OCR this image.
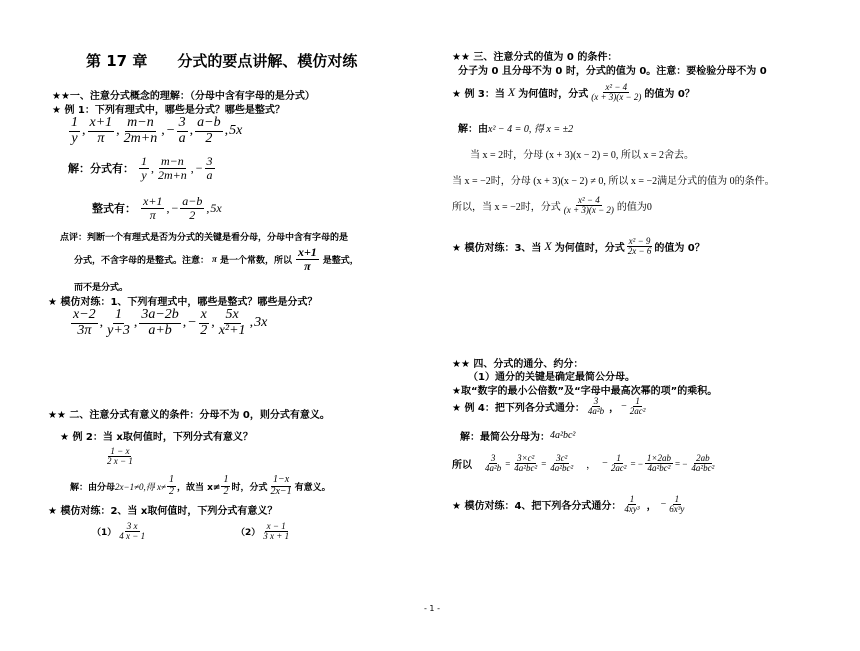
第 17 章　　分式的要点讲解、模仿对练
★★一、注意分式概念的理解：（分母中含有字母的是分式）
★ 例 1：下列有理式中，哪些是分式？哪些是整式？
$\frac{1}{y}$ , $\frac{x+1}{\pi}$ , $\frac{m-n}{2m+n}$ , − $\frac{3}{a}$ , $\frac{a-b}{2}$ , 5x
解：分式有： $\frac{1}{y}$ , $\frac{m-n}{2m+n}$ , − $\frac{3}{a}$
整式有： $\frac{x+1}{\pi}$ , − $\frac{a-b}{2}$ , 5x
点评：判断一个有理式是否为分式的关键是看分母，分母中含有字母的是
分式，不含字母的是整式。注意： π 是一个常数，所以 $\frac{x+1}{\pi}$ 是整式，
而不是分式。
★ 模仿对练：1、下列有理式中，哪些是整式？哪些是分式？
$\frac{x-2}{3\pi}$ , $\frac{1}{y+3}$ , $\frac{3a-2b}{a+b}$ , − $\frac{x}{2}$ , $\frac{5x}{\text{x²+1}}$ , 3x
★★ 二、注意分式有意义的条件：分母不为 0，则分式有意义。
★ 例 2：当 x取何值时，下列分式有意义？
$\frac{1 - x}{2 x - 1}$
解：由分母 2x−1≠0,得 $x\ne \frac{1}{2}$ ，故当 $x\ne \frac{1}{2}$ 时，分式 $\frac{1-x}{2x-1}$ 有意义。
★ 模仿对练：2、当 x取何值时，下列分式有意义？
$(1) \frac{3 x}{4 x - 1}$	$(2) \frac{x - 1}{3 x + 1}$
★★ 三、注意分式的值为 0 的条件：
分子为 0 且分母不为 0 时，分式的值为 0。注意：要检验分母不为 0
★ 例 3：当 X 为何值时，分式 $\frac{\text{x² − 4}}{(x + 3)(x - 2)}$ 的值为 0？
解：由 x² − 4 = 0, 得 x = ±2
当 x = 2时，分母 (x + 3)(x − 2) = 0, 所以 x = 2舍去。
当 x = −2时，分母 (x + 3)(x − 2) ≠ 0, 所以 x = −2满足分式的值为 0的条件。
所以，当 x = −2时，分式 $\frac{\text{x² − 4}}{(x + 3)(x - 2)}$ 的值为0
★ 模仿对练：3、当 X 为何值时，分式 $\frac{\text{x² − 9}}{2x - 6}$ 的值为 0？
★★ 四、分式的通分、约分：
（1）通分的关键是确定最简公分母。
★取“数字的最小公倍数”及“字母中最高次幂的项”的乘积。
★ 例 4：把下列各分式通分： $\frac{3}{\text{4a²b}}$ ， − $\frac{1}{\text{2ac²}}$
解：最简公分母为： 4a²bc²
所以 $\frac{3}{\text{4a²b}} = \frac{\text{3×c²}}{\text{4a²bc²}} = \frac{\text{3c²}}{\text{4a²bc²}}$ ， − $\frac{1}{\text{2ac²}}$ = − $\frac{1\times 2ab}{\text{4a²bc²}}$ = − $\frac{2ab}{\text{4a²bc²}}$
★ 模仿对练：4、把下列各分式通分： $\frac{1}{\text{4xy³}}$ ， − $\frac{1}{\text{6x³y}}$
- 1 -
